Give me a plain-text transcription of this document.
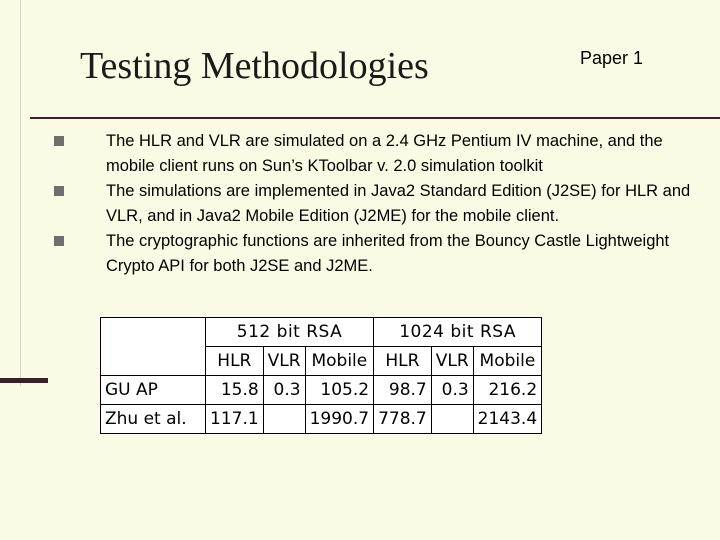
Testing Methodologies	Paper 1
The HLR and VLR are simulated on a 2.4 GHz Pentium IV machine, and the mobile client runs on Sun’s KToolbar v. 2.0 simulation toolkit
The simulations are implemented in Java2 Standard Edition (J2SE) for HLR and VLR, and in Java2 Mobile Edition (J2ME) for the mobile client.
The cryptographic functions are inherited from the Bouncy Castle Lightweight Crypto API for both J2SE and J2ME.
	512 bit RSA			1024 bit RSA		
	HLR	VLR	Mobile	HLR	VLR	Mobile
GU AP	15.8	0.3	105.2	98.7	0.3	216.2
Zhu et al.	117.1		1990.7	778.7		2143.4
